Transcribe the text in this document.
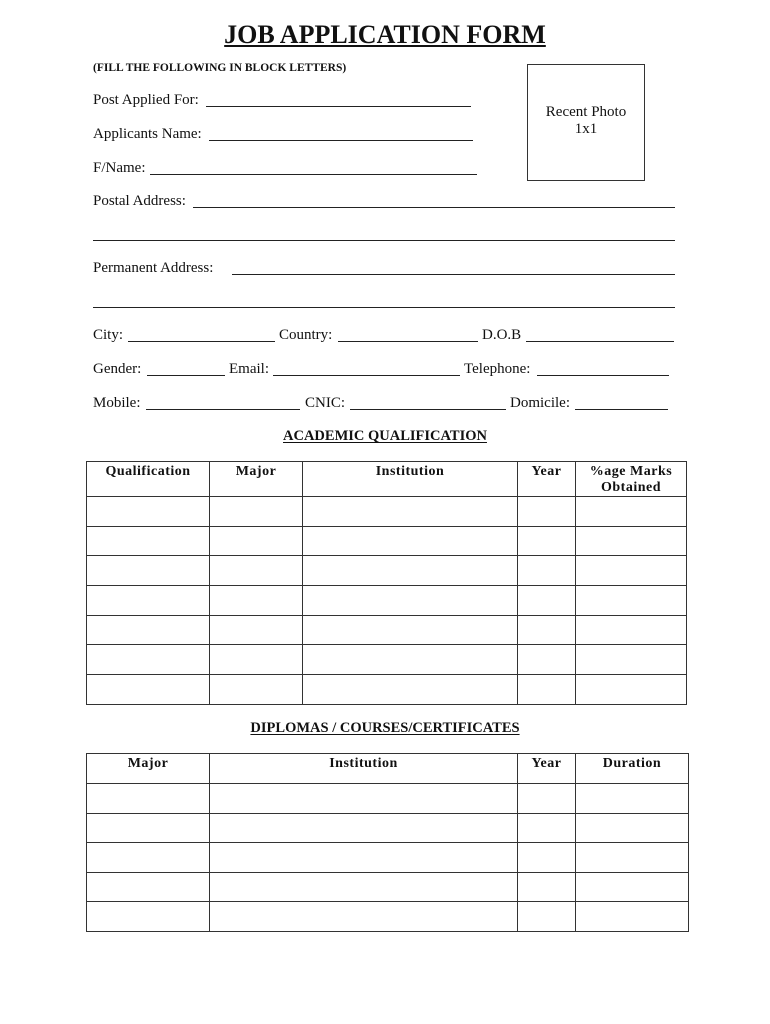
JOB APPLICATION FORM
(FILL THE FOLLOWING IN BLOCK LETTERS)
Recent Photo
1x1
Post Applied For:
Applicants Name:
F/Name:
Postal Address:
Permanent Address:
City:	Country:	D.O.B
Gender:	Email:	Telephone:
Mobile:	CNIC:	Domicile:
ACADEMIC QUALIFICATION
Qualification	Major	Institution	Year	%age Marks Obtained

DIPLOMAS / COURSES/CERTIFICATES
Major	Institution	Year	Duration
